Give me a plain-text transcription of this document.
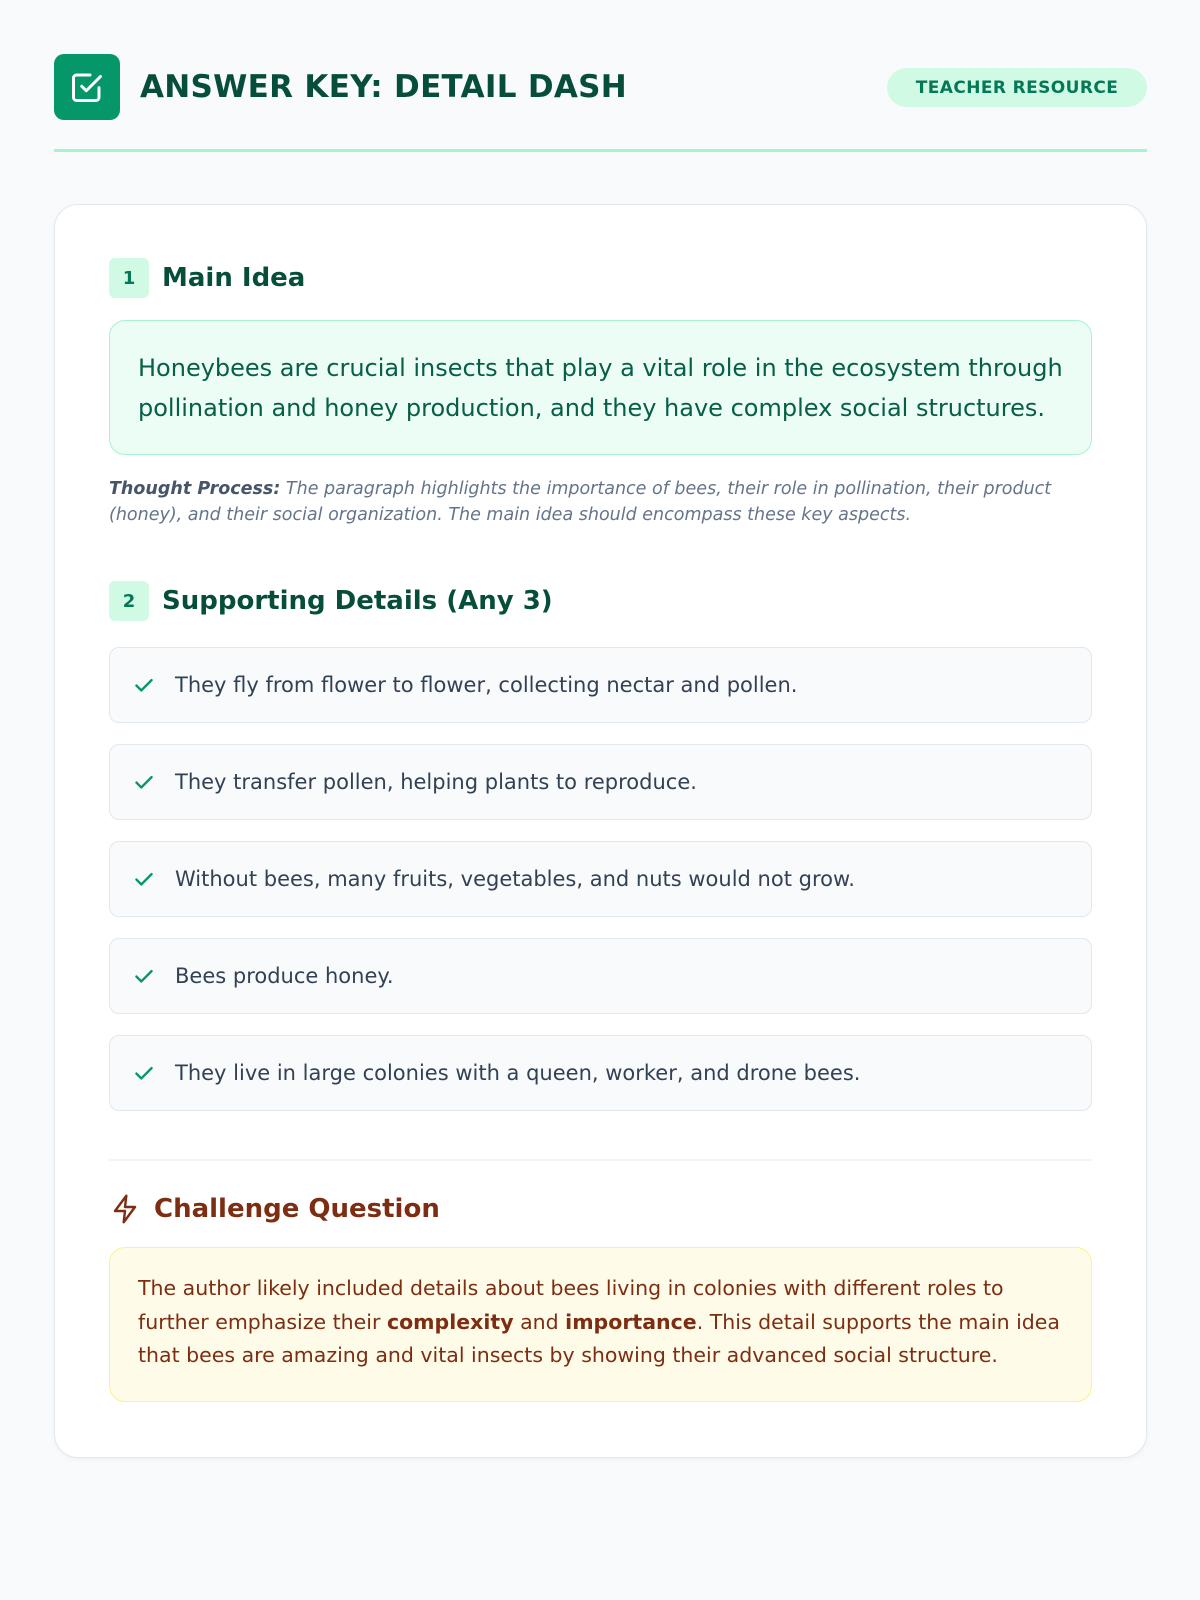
ANSWER KEY: DETAIL DASH	TEACHER RESOURCE
1	Main Idea

Honeybees are crucial insects that play a vital role in the ecosystem through pollination and honey production, and they have complex social structures.

Thought Process: The paragraph highlights the importance of bees, their role in pollination, their product (honey), and their social organization. The main idea should encompass these key aspects.

2	Supporting Details (Any 3)
They fly from flower to flower, collecting nectar and pollen.
They transfer pollen, helping plants to reproduce.
Without bees, many fruits, vegetables, and nuts would not grow.
Bees produce honey.
They live in large colonies with a queen, worker, and drone bees.
Challenge Question

The author likely included details about bees living in colonies with different roles to further emphasize their complexity and importance. This detail supports the main idea that bees are amazing and vital insects by showing their advanced social structure.
